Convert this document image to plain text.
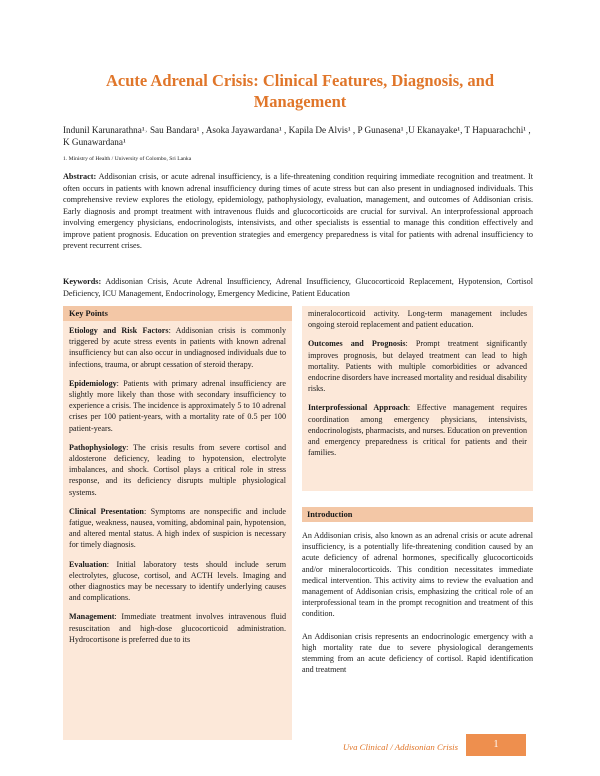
Acute Adrenal Crisis: Clinical Features, Diagnosis, and Management
Indunil Karunarathna¹˒ Sau Bandara¹ , Asoka Jayawardana¹ , Kapila De Alvis¹ , P Gunasena¹ ,U Ekanayake¹, T Hapuarachchi¹ , K Gunawardana¹
1. Ministry of Health / University of Colombo, Sri Lanka
Abstract: Addisonian crisis, or acute adrenal insufficiency, is a life-threatening condition requiring immediate recognition and treatment. It often occurs in patients with known adrenal insufficiency during times of acute stress but can also present in undiagnosed individuals. This comprehensive review explores the etiology, epidemiology, pathophysiology, evaluation, management, and outcomes of Addisonian crisis. Early diagnosis and prompt treatment with intravenous fluids and glucocorticoids are crucial for survival. An interprofessional approach involving emergency physicians, endocrinologists, intensivists, and other specialists is essential to manage this condition effectively and improve patient prognosis. Education on prevention strategies and emergency preparedness is vital for patients with adrenal insufficiency to prevent recurrent crises.
Keywords: Addisonian Crisis, Acute Adrenal Insufficiency, Adrenal Insufficiency, Glucocorticoid Replacement, Hypotension, Cortisol Deficiency, ICU Management, Endocrinology, Emergency Medicine, Patient Education
Key Points

Etiology and Risk Factors: Addisonian crisis is commonly triggered by acute stress events in patients with known adrenal insufficiency but can also occur in undiagnosed individuals due to infections, trauma, or abrupt cessation of steroid therapy.

Epidemiology: Patients with primary adrenal insufficiency are slightly more likely than those with secondary insufficiency to experience a crisis. The incidence is approximately 5 to 10 adrenal crises per 100 patient-years, with a mortality rate of 0.5 per 100 patient-years.

Pathophysiology: The crisis results from severe cortisol and aldosterone deficiency, leading to hypotension, electrolyte imbalances, and shock. Cortisol plays a critical role in stress response, and its deficiency disrupts multiple physiological systems.

Clinical Presentation: Symptoms are nonspecific and include fatigue, weakness, nausea, vomiting, abdominal pain, hypotension, and altered mental status. A high index of suspicion is necessary for timely diagnosis.

Evaluation: Initial laboratory tests should include serum electrolytes, glucose, cortisol, and ACTH levels. Imaging and other diagnostics may be necessary to identify underlying causes and complications.

Management: Immediate treatment involves intravenous fluid resuscitation and high-dose glucocorticoid administration. Hydrocortisone is preferred due to its

mineralocorticoid activity. Long-term management includes ongoing steroid replacement and patient education.

Outcomes and Prognosis: Prompt treatment significantly improves prognosis, but delayed treatment can lead to high mortality. Patients with multiple comorbidities or advanced endocrine disorders have increased mortality and residual disability risks.

Interprofessional Approach: Effective management requires coordination among emergency physicians, intensivists, endocrinologists, pharmacists, and nurses. Education on prevention and emergency preparedness is critical for patients and their families.

Introduction

An Addisonian crisis, also known as an adrenal crisis or acute adrenal insufficiency, is a potentially life-threatening condition caused by an acute deficiency of adrenal hormones, specifically glucocorticoids and/or mineralocorticoids. This condition necessitates immediate medical intervention. This activity aims to review the evaluation and management of Addisonian crisis, emphasizing the critical role of an interprofessional team in the prompt recognition and treatment of this condition.

An Addisonian crisis represents an endocrinologic emergency with a high mortality rate due to severe physiological derangements stemming from an acute deficiency of cortisol. Rapid identification and treatment

Uva Clinical / Addisonian Crisis	1
